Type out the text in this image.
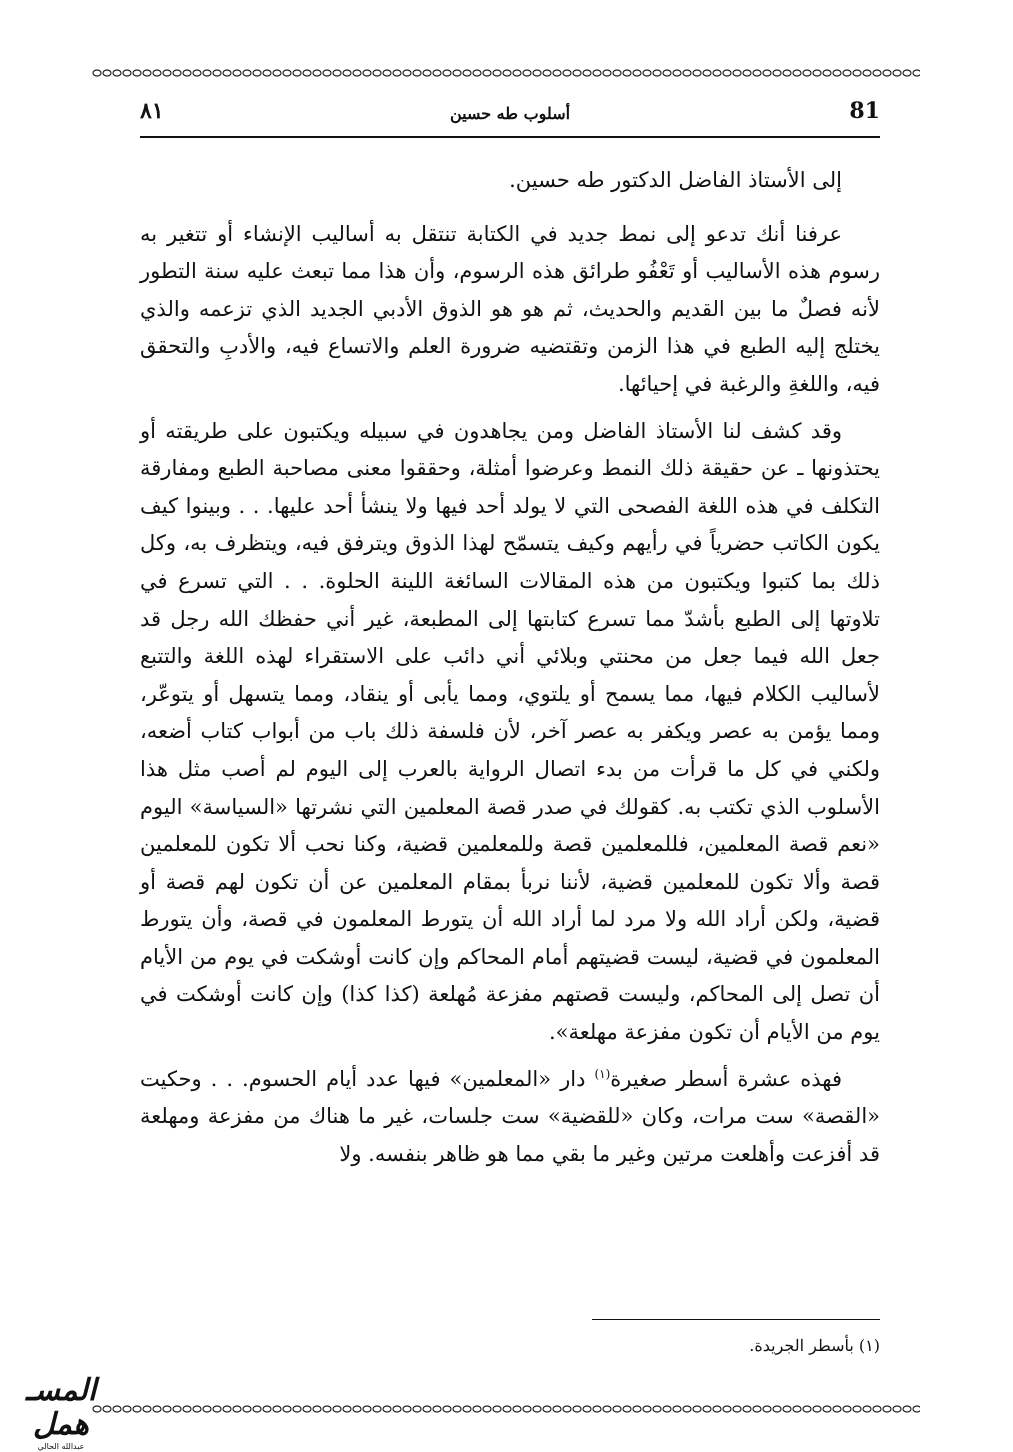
٨١	أسلوب طه حسين	81

إلى الأستاذ الفاضل الدكتور طه حسين.

عرفنا أنك تدعو إلى نمط جديد في الكتابة تنتقل به أساليب الإنشاء أو تتغير به رسوم هذه الأساليب أو تَعْفُو طرائق هذه الرسوم، وأن هذا مما تبعث عليه سنة التطور لأنه فصلٌ ما بين القديم والحديث، ثم هو هو الذوق الأدبي الجديد الذي تزعمه والذي يختلج إليه الطبع في هذا الزمن وتقتضيه ضرورة العلم والاتساع فيه، والأدبِ والتحقق فيه، واللغةِ والرغبة في إحيائها.

وقد كشف لنا الأستاذ الفاضل ومن يجاهدون في سبيله ويكتبون على طريقته أو يحتذونها ـ عن حقيقة ذلك النمط وعرضوا أمثلة، وحققوا معنى مصاحبة الطبع ومفارقة التكلف في هذه اللغة الفصحى التي لا يولد أحد فيها ولا ينشأ أحد عليها. . . وبينوا كيف يكون الكاتب حضرياً في رأيهم وكيف يتسمّح لهذا الذوق ويترفق فيه، ويتظرف به، وكل ذلك بما كتبوا ويكتبون من هذه المقالات السائغة اللينة الحلوة. . . التي تسرع في تلاوتها إلى الطبع بأشدّ مما تسرع كتابتها إلى المطبعة، غير أني حفظك الله رجل قد جعل الله فيما جعل من محنتي وبلائي أني دائب على الاستقراء لهذه اللغة والتتبع لأساليب الكلام فيها، مما يسمح أو يلتوي، ومما يأبى أو ينقاد، ومما يتسهل أو يتوعّر، ومما يؤمن به عصر ويكفر به عصر آخر، لأن فلسفة ذلك باب من أبواب كتاب أضعه، ولكني في كل ما قرأت من بدء اتصال الرواية بالعرب إلى اليوم لم أصب مثل هذا الأسلوب الذي تكتب به. كقولك في صدر قصة المعلمين التي نشرتها «السياسة» اليوم «نعم قصة المعلمين، فللمعلمين قصة وللمعلمين قضية، وكنا نحب ألا تكون للمعلمين قصة وألا تكون للمعلمين قضية، لأننا نربأ بمقام المعلمين عن أن تكون لهم قصة أو قضية، ولكن أراد الله ولا مرد لما أراد الله أن يتورط المعلمون في قصة، وأن يتورط المعلمون في قضية، ليست قضيتهم أمام المحاكم وإن كانت أوشكت في يوم من الأيام أن تصل إلى المحاكم، وليست قصتهم مفزعة مُهلعة (كذا كذا) وإن كانت أوشكت في يوم من الأيام أن تكون مفزعة مهلعة».

فهذه عشرة أسطر صغيرة$^{(١)}$ دار «المعلمين» فيها عدد أيام الحسوم. . . وحكيت «القصة» ست مرات، وكان «للقضية» ست جلسات، غير ما هناك من مفزعة ومهلعة قد أفزعت وأهلعت مرتين وغير ما بقي مما هو ظاهر بنفسه. ولا

(١) بأسطر الجريدة.
المسـ همل
عبدالله الحالي
